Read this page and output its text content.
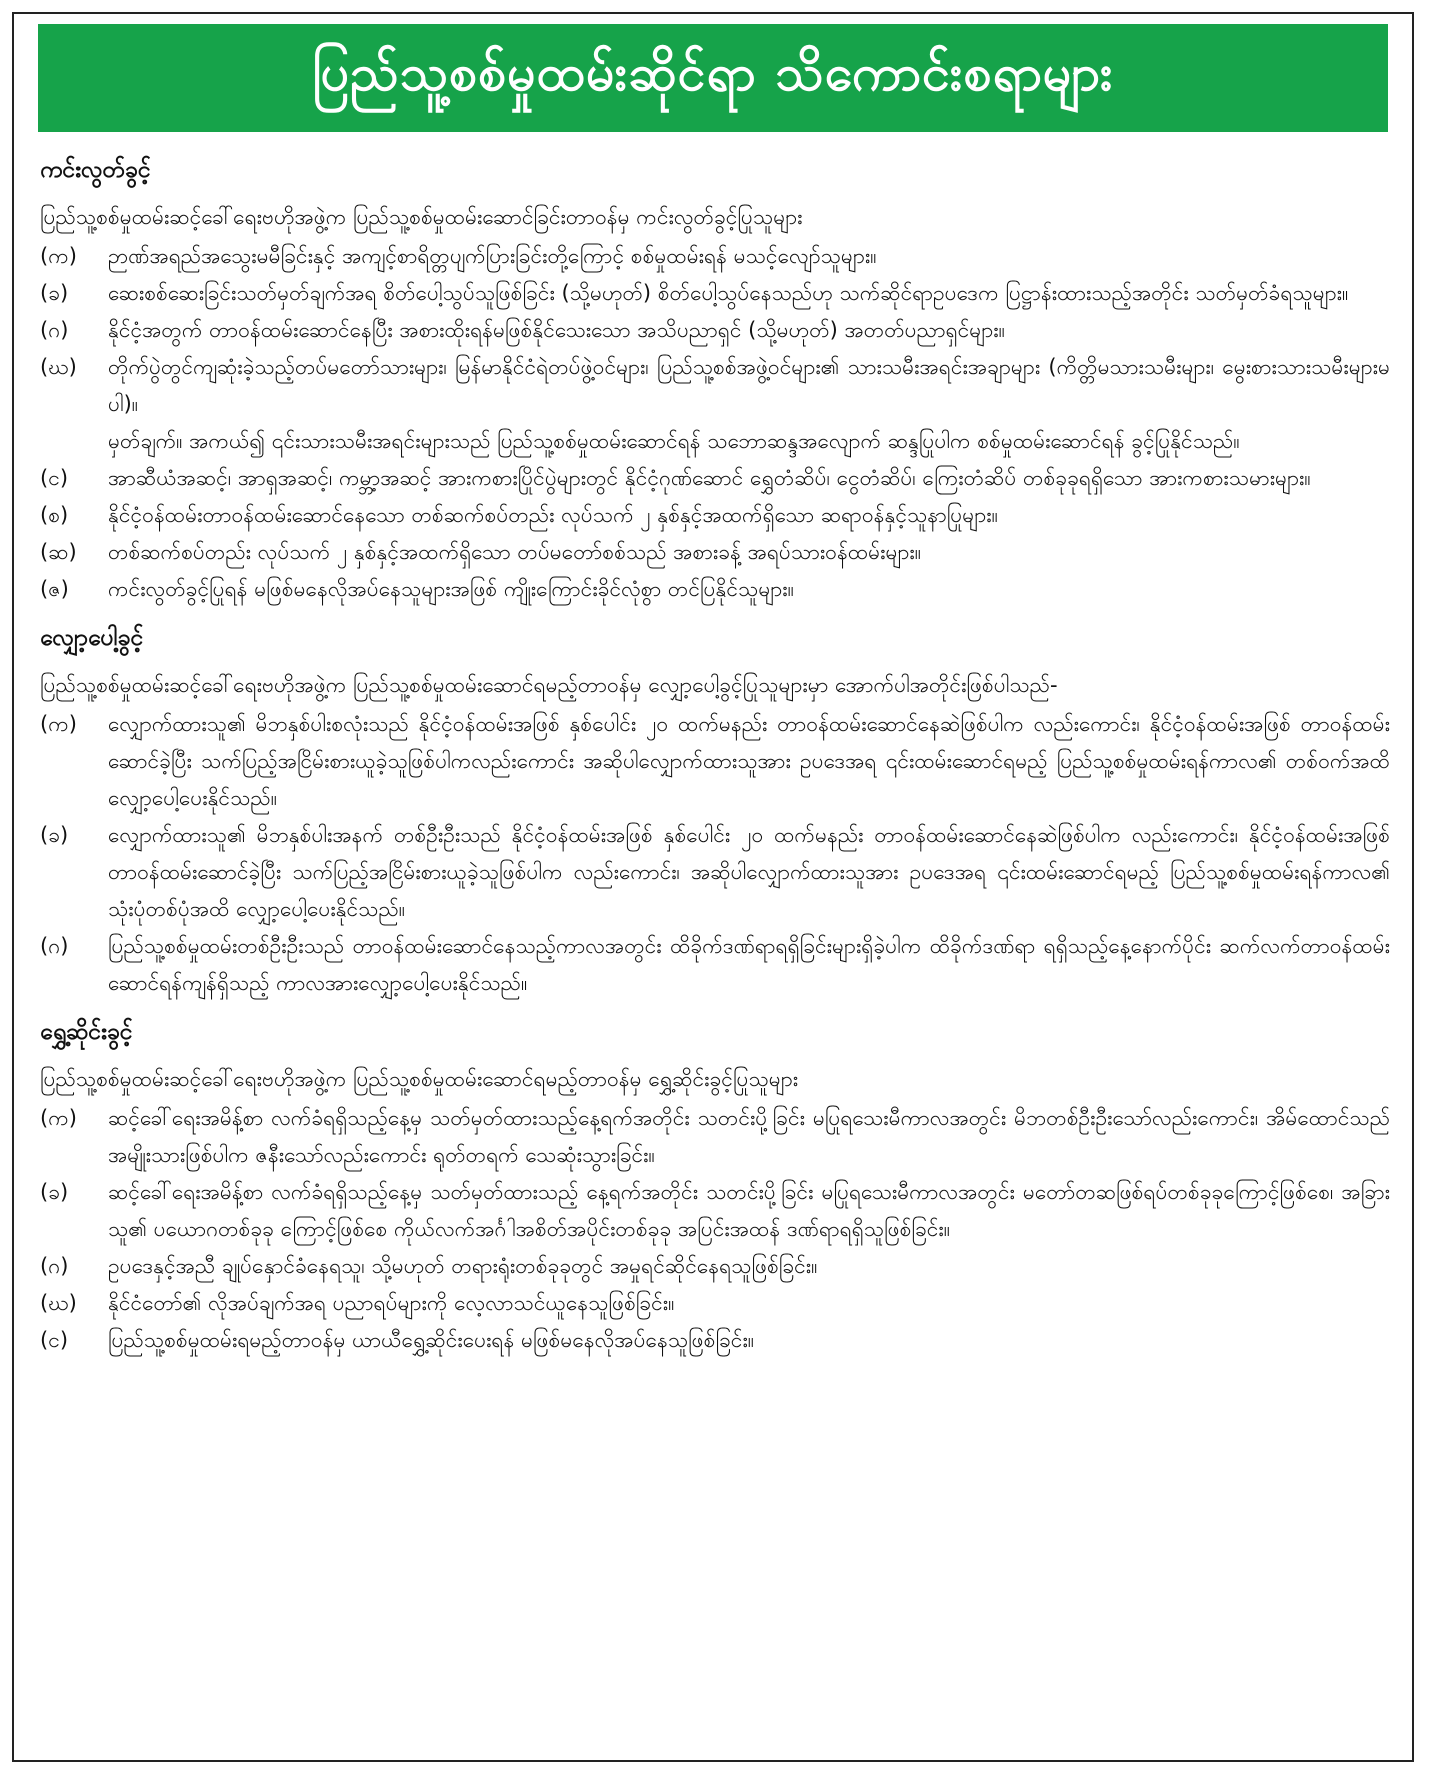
ပြည်သူ့စစ်မှုထမ်းဆိုင်ရာ သိကောင်းစရာများ
ကင်းလွတ်ခွင့်
ပြည်သူ့စစ်မှုထမ်းဆင့်ခေါ်ရေးဗဟိုအဖွဲ့က ပြည်သူ့စစ်မှုထမ်းဆောင်ခြင်းတာဝန်မှ ကင်းလွတ်ခွင့်ပြုသူများ
(က)	ဉာဏ်အရည်အသွေးမမီခြင်းနှင့် အကျင့်စာရိတ္တပျက်ပြားခြင်းတို့ကြောင့် စစ်မှုထမ်းရန် မသင့်လျော်သူများ။
(ခ)	ဆေးစစ်ဆေးခြင်းသတ်မှတ်ချက်အရ စိတ်ပေါ့သွပ်သူဖြစ်ခြင်း (သို့မဟုတ်) စိတ်ပေါ့သွပ်နေသည်ဟု သက်ဆိုင်ရာဥပဒေက ပြဋ္ဌာန်းထားသည့်အတိုင်း သတ်မှတ်ခံရသူများ။
(ဂ)	နိုင်ငံ့အတွက် တာဝန်ထမ်းဆောင်နေပြီး အစားထိုးရန်မဖြစ်နိုင်သေးသော အသိပညာရှင် (သို့မဟုတ်) အတတ်ပညာရှင်များ။
(ဃ)	တိုက်ပွဲတွင်ကျဆုံးခဲ့သည့်တပ်မတော်သားများ၊ မြန်မာနိုင်ငံရဲတပ်ဖွဲ့ဝင်များ၊ ပြည်သူ့စစ်အဖွဲ့ဝင်များ၏ သားသမီးအရင်းအချာများ (ကိတ္တိမသားသမီးများ၊ မွေးစားသားသမီးများမပါ)။
မှတ်ချက်။ အကယ်၍ ၎င်းသားသမီးအရင်းများသည် ပြည်သူ့စစ်မှုထမ်းဆောင်ရန် သဘောဆန္ဒအလျောက် ဆန္ဒပြုပါက စစ်မှုထမ်းဆောင်ရန် ခွင့်ပြုနိုင်သည်။
(င)	အာဆီယံအဆင့်၊ အာရှအဆင့်၊ ကမ္ဘာ့အဆင့် အားကစားပြိုင်ပွဲများတွင် နိုင်ငံ့ဂုဏ်ဆောင် ရွှေတံဆိပ်၊ ငွေတံဆိပ်၊ ကြေးတံဆိပ် တစ်ခုခုရရှိသော အားကစားသမားများ။
(စ)	နိုင်ငံ့ဝန်ထမ်းတာဝန်ထမ်းဆောင်နေသော တစ်ဆက်စပ်တည်း လုပ်သက် ၂ နှစ်နှင့်အထက်ရှိသော ဆရာဝန်နှင့်သူနာပြုများ။
(ဆ)	တစ်ဆက်စပ်တည်း လုပ်သက် ၂ နှစ်နှင့်အထက်ရှိသော တပ်မတော်စစ်သည် အစားခန့် အရပ်သားဝန်ထမ်းများ။
(ဇ)	ကင်းလွတ်ခွင့်ပြုရန် မဖြစ်မနေလိုအပ်နေသူများအဖြစ် ကျိုးကြောင်းခိုင်လုံစွာ တင်ပြနိုင်သူများ။
လျှော့ပေါ့ခွင့်
ပြည်သူ့စစ်မှုထမ်းဆင့်ခေါ်ရေးဗဟိုအဖွဲ့က ပြည်သူ့စစ်မှုထမ်းဆောင်ရမည့်တာဝန်မှ လျှော့ပေါ့ခွင့်ပြုသူများမှာ အောက်ပါအတိုင်းဖြစ်ပါသည်-
(က)	လျှောက်ထားသူ၏ မိဘနှစ်ပါးစလုံးသည် နိုင်ငံ့ဝန်ထမ်းအဖြစ် နှစ်ပေါင်း ၂၀ ထက်မနည်း တာဝန်ထမ်းဆောင်နေဆဲဖြစ်ပါက လည်းကောင်း၊ နိုင်ငံ့ဝန်ထမ်းအဖြစ် တာဝန်ထမ်းဆောင်ခဲ့ပြီး သက်ပြည့်အငြိမ်းစားယူခဲ့သူဖြစ်ပါကလည်းကောင်း အဆိုပါလျှောက်ထားသူအား ဥပဒေအရ ၎င်းထမ်းဆောင်ရမည့် ပြည်သူ့စစ်မှုထမ်းရန်ကာလ၏ တစ်ဝက်အထိ လျှော့ပေါ့ပေးနိုင်သည်။
(ခ)	လျှောက်ထားသူ၏ မိဘနှစ်ပါးအနက် တစ်ဦးဦးသည် နိုင်ငံ့ဝန်ထမ်းအဖြစ် နှစ်ပေါင်း ၂၀ ထက်မနည်း တာဝန်ထမ်းဆောင်နေဆဲဖြစ်ပါက လည်းကောင်း၊ နိုင်ငံ့ဝန်ထမ်းအဖြစ် တာဝန်ထမ်းဆောင်ခဲ့ပြီး သက်ပြည့်အငြိမ်းစားယူခဲ့သူဖြစ်ပါက လည်းကောင်း၊ အဆိုပါလျှောက်ထားသူအား ဥပဒေအရ ၎င်းထမ်းဆောင်ရမည့် ပြည်သူ့စစ်မှုထမ်းရန်ကာလ၏ သုံးပုံတစ်ပုံအထိ လျှော့ပေါ့ပေးနိုင်သည်။
(ဂ)	ပြည်သူ့စစ်မှုထမ်းတစ်ဦးဦးသည် တာဝန်ထမ်းဆောင်နေသည့်ကာလအတွင်း ထိခိုက်ဒဏ်ရာရရှိခြင်းများရှိခဲ့ပါက ထိခိုက်ဒဏ်ရာ ရရှိသည့်နေ့နောက်ပိုင်း ဆက်လက်တာဝန်ထမ်းဆောင်ရန်ကျန်ရှိသည့် ကာလအားလျှော့ပေါ့ပေးနိုင်သည်။
ရွှေ့ဆိုင်းခွင့်
ပြည်သူ့စစ်မှုထမ်းဆင့်ခေါ်ရေးဗဟိုအဖွဲ့က ပြည်သူ့စစ်မှုထမ်းဆောင်ရမည့်တာဝန်မှ ရွှေ့ဆိုင်းခွင့်ပြုသူများ
(က)	ဆင့်ခေါ်ရေးအမိန့်စာ လက်ခံရရှိသည့်နေ့မှ သတ်မှတ်ထားသည့်နေ့ရက်အတိုင်း သတင်းပို့ခြင်း မပြုရသေးမီကာလအတွင်း မိဘတစ်ဦးဦးသော်လည်းကောင်း၊ အိမ်ထောင်သည် အမျိုးသားဖြစ်ပါက ဇနီးသော်လည်းကောင်း ရုတ်တရက် သေဆုံးသွားခြင်း။
(ခ)	ဆင့်ခေါ်ရေးအမိန့်စာ လက်ခံရရှိသည့်နေ့မှ သတ်မှတ်ထားသည့် နေ့ရက်အတိုင်း သတင်းပို့ခြင်း မပြုရသေးမီကာလအတွင်း မတော်တဆဖြစ်ရပ်တစ်ခုခုကြောင့်ဖြစ်စေ၊ အခြားသူ၏ ပယောဂတစ်ခုခု ကြောင့်ဖြစ်စေ ကိုယ်လက်အင်္ဂါအစိတ်အပိုင်းတစ်ခုခု အပြင်းအထန် ဒဏ်ရာရရှိသူဖြစ်ခြင်း။
(ဂ)	ဥပဒေနှင့်အညီ ချုပ်နှောင်ခံနေရသူ၊ သို့မဟုတ် တရားရုံးတစ်ခုခုတွင် အမှုရင်ဆိုင်နေရသူဖြစ်ခြင်း။
(ဃ)	နိုင်ငံတော်၏ လိုအပ်ချက်အရ ပညာရပ်များကို လေ့လာသင်ယူနေသူဖြစ်ခြင်း။
(င)	ပြည်သူ့စစ်မှုထမ်းရမည့်တာဝန်မှ ယာယီရွှေ့ဆိုင်းပေးရန် မဖြစ်မနေလိုအပ်နေသူဖြစ်ခြင်း။
